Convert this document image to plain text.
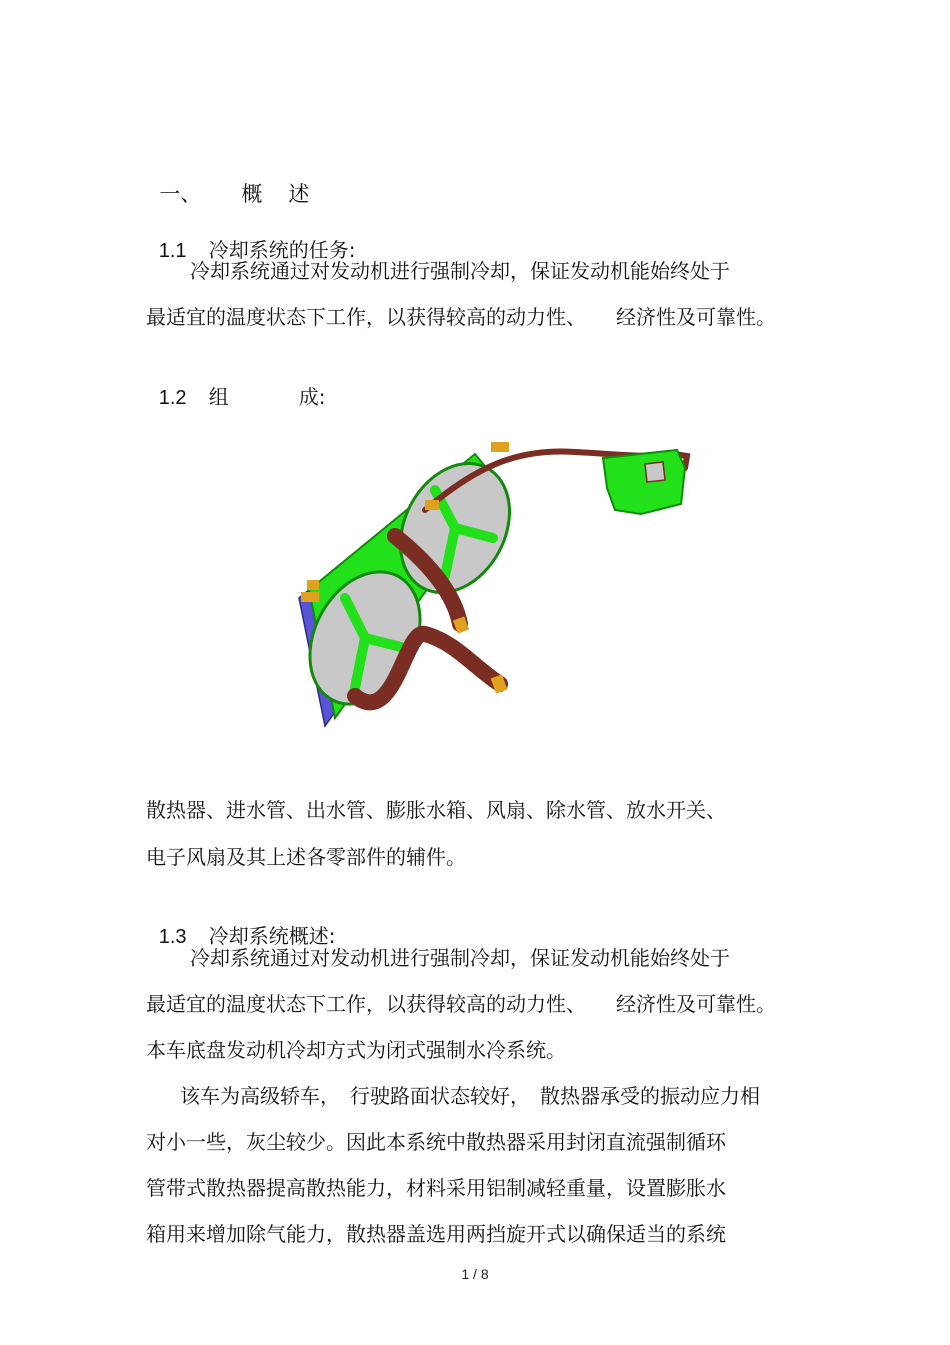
一、 概 述

1.1 冷却系统的任务:

冷却系统通过对发动机进行强制冷却，保证发动机能始终处于
最适宜的温度状态下工作，以获得较高的动力性、　　经济性及可靠性。

1.2 组	成:

散热器、进水管、出水管、膨胀水箱、风扇、除水管、放水开关、
电子风扇及其上述各零部件的辅件。

1.3 冷却系统概述:

冷却系统通过对发动机进行强制冷却，保证发动机能始终处于
最适宜的温度状态下工作，以获得较高的动力性、　　经济性及可靠性。
本车底盘发动机冷却方式为闭式强制水冷系统。
该车为高级轿车，　行驶路面状态较好，　散热器承受的振动应力相
对小一些，灰尘较少。因此本系统中散热器采用封闭直流强制循环
管带式散热器提高散热能力，材料采用铝制减轻重量，设置膨胀水
箱用来增加除气能力，散热器盖选用两挡旋开式以确保适当的系统
1 / 8
